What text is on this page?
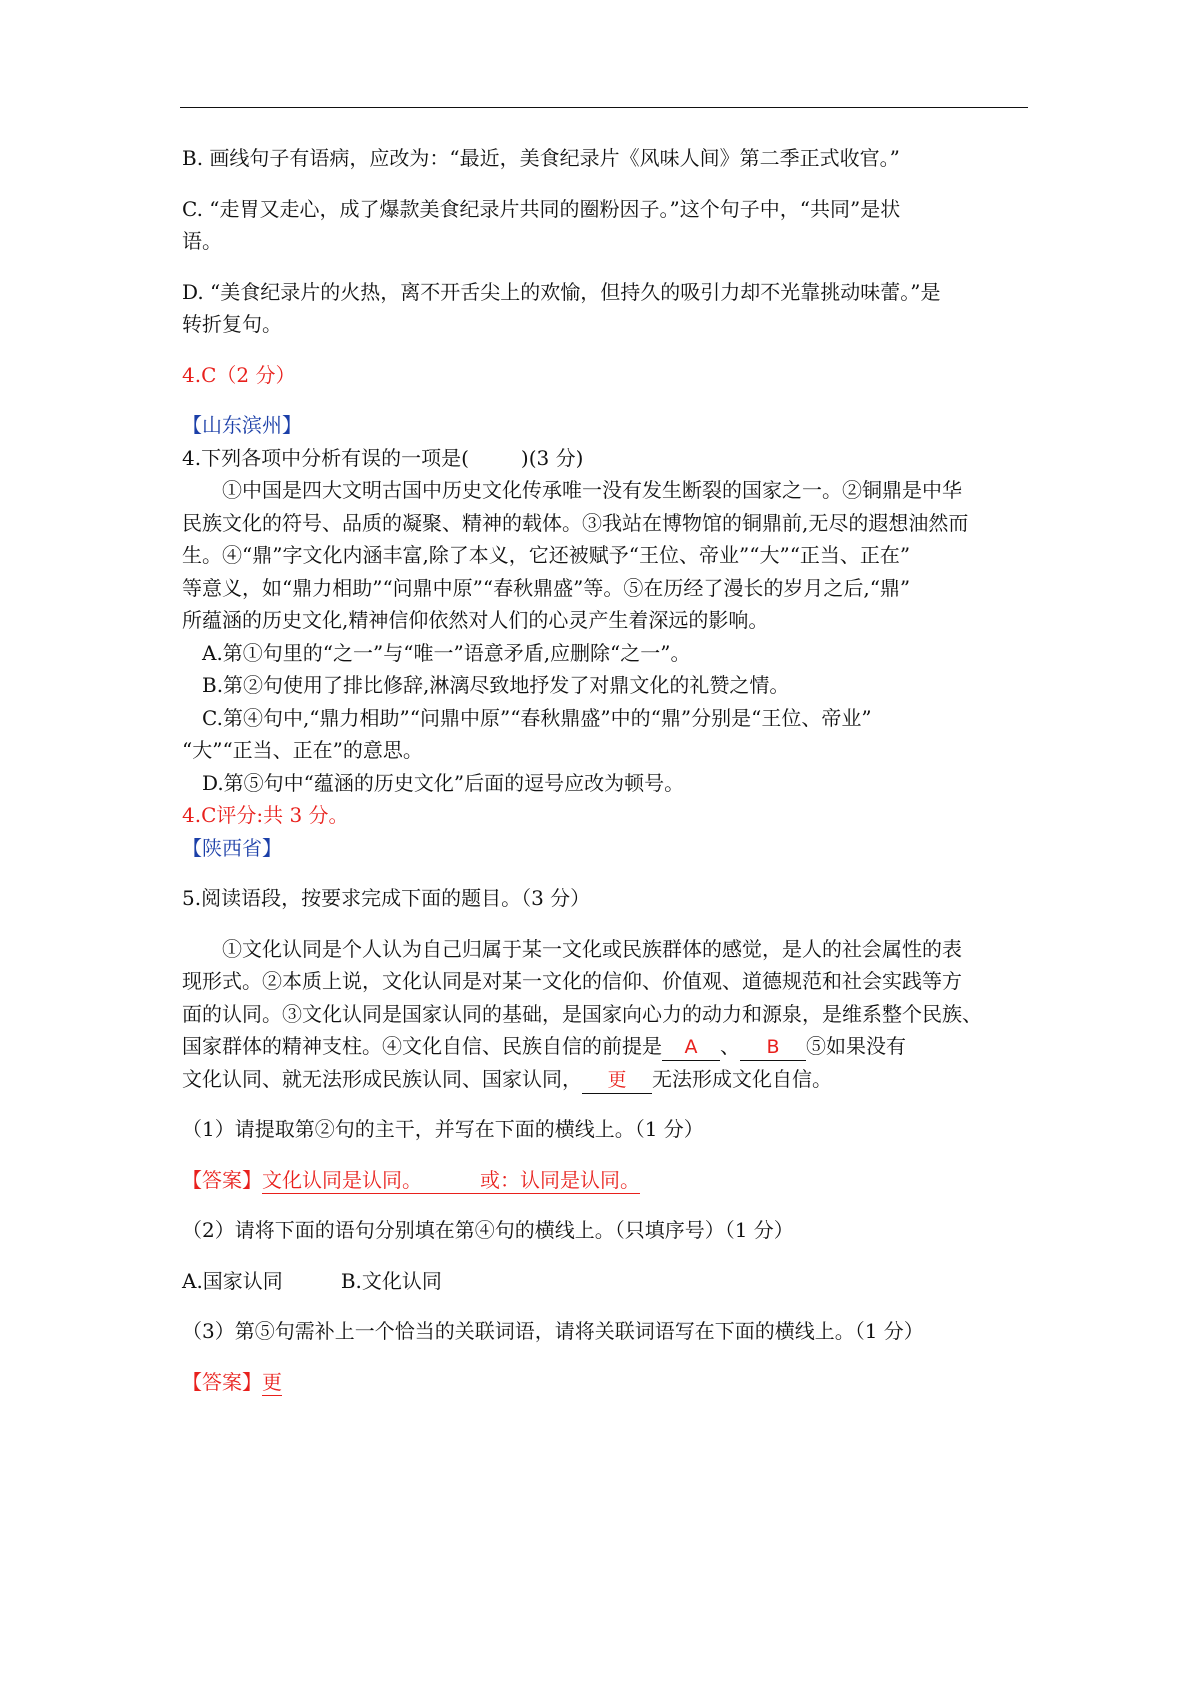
B. 画线句子有语病，应改为：“最近，美食纪录片《风味人间》第二季正式收官。”

C. “走胃又走心，成了爆款美食纪录片共同的圈粉因子。”这个句子中，“共同”是状

语。

D. “美食纪录片的火热，离不开舌尖上的欢愉，但持久的吸引力却不光靠挑动味蕾。”是

转折复句。

4.C（2 分）

【山东滨州】

4.下列各项中分析有误的一项是(	)(3 分)

①中国是四大文明古国中历史文化传承唯一没有发生断裂的国家之一。②铜鼎是中华

民族文化的符号、品质的凝聚、精神的载体。③我站在博物馆的铜鼎前,无尽的遐想油然而

生。④“鼎”字文化内涵丰富,除了本义，它还被赋予“王位、帝业”“大”“正当、正在”

等意义，如“鼎力相助”“问鼎中原”“春秋鼎盛”等。⑤在历经了漫长的岁月之后,“鼎”

所蕴涵的历史文化,精神信仰依然对人们的心灵产生着深远的影响。

A.第①句里的“之一”与“唯一”语意矛盾,应删除“之一”。

B.第②句使用了排比修辞,淋漓尽致地抒发了对鼎文化的礼赞之情。

C.第④句中,“鼎力相助”“问鼎中原”“春秋鼎盛”中的“鼎”分别是“王位、帝业”

“大”“正当、正在”的意思。

D.第⑤句中“蕴涵的历史文化”后面的逗号应改为顿号。

4.C评分:共 3 分。

【陕西省】

5.阅读语段，按要求完成下面的题目。（3 分）

①文化认同是个人认为自己归属于某一文化或民族群体的感觉，是人的社会属性的表

现形式。②本质上说，文化认同是对某一文化的信仰、价值观、道德规范和社会实践等方

面的认同。③文化认同是国家认同的基础，是国家向心力的动力和源泉，是维系整个民族、

国家群体的精神支柱。④文化自信、民族自信的前提是 A 、 B ⑤如果没有

文化认同、就无法形成民族认同、国家认同， 更 无法形成文化自信。

（1）请提取第②句的主干，并写在下面的横线上。（1 分）

【答案】文化认同是认同。	或：认同是认同。

（2）请将下面的语句分别填在第④句的横线上。（只填序号）（1 分）

A.国家认同	B.文化认同

（3）第⑤句需补上一个恰当的关联词语，请将关联词语写在下面的横线上。（1 分）

【答案】更
